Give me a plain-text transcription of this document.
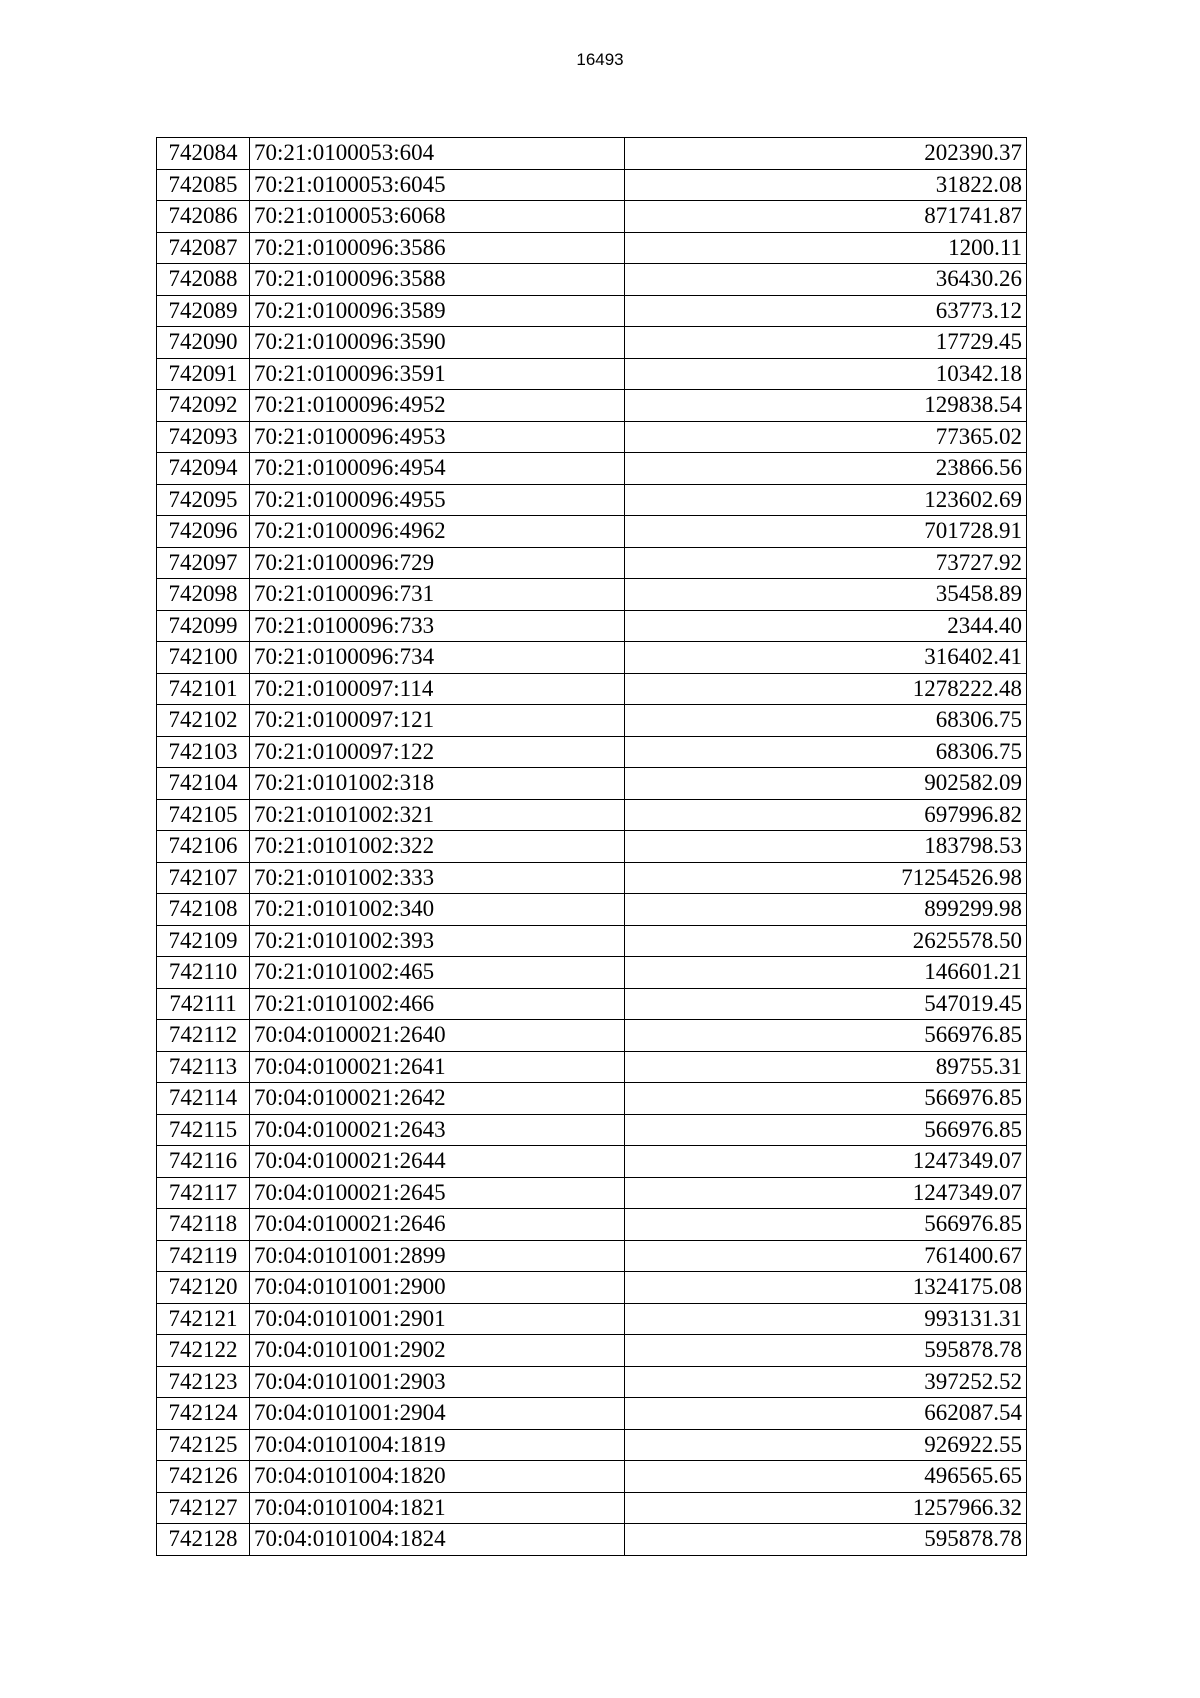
16493
742084	70:21:0100053:604	202390.37
742085	70:21:0100053:6045	31822.08
742086	70:21:0100053:6068	871741.87
742087	70:21:0100096:3586	1200.11
742088	70:21:0100096:3588	36430.26
742089	70:21:0100096:3589	63773.12
742090	70:21:0100096:3590	17729.45
742091	70:21:0100096:3591	10342.18
742092	70:21:0100096:4952	129838.54
742093	70:21:0100096:4953	77365.02
742094	70:21:0100096:4954	23866.56
742095	70:21:0100096:4955	123602.69
742096	70:21:0100096:4962	701728.91
742097	70:21:0100096:729	73727.92
742098	70:21:0100096:731	35458.89
742099	70:21:0100096:733	2344.40
742100	70:21:0100096:734	316402.41
742101	70:21:0100097:114	1278222.48
742102	70:21:0100097:121	68306.75
742103	70:21:0100097:122	68306.75
742104	70:21:0101002:318	902582.09
742105	70:21:0101002:321	697996.82
742106	70:21:0101002:322	183798.53
742107	70:21:0101002:333	71254526.98
742108	70:21:0101002:340	899299.98
742109	70:21:0101002:393	2625578.50
742110	70:21:0101002:465	146601.21
742111	70:21:0101002:466	547019.45
742112	70:04:0100021:2640	566976.85
742113	70:04:0100021:2641	89755.31
742114	70:04:0100021:2642	566976.85
742115	70:04:0100021:2643	566976.85
742116	70:04:0100021:2644	1247349.07
742117	70:04:0100021:2645	1247349.07
742118	70:04:0100021:2646	566976.85
742119	70:04:0101001:2899	761400.67
742120	70:04:0101001:2900	1324175.08
742121	70:04:0101001:2901	993131.31
742122	70:04:0101001:2902	595878.78
742123	70:04:0101001:2903	397252.52
742124	70:04:0101001:2904	662087.54
742125	70:04:0101004:1819	926922.55
742126	70:04:0101004:1820	496565.65
742127	70:04:0101004:1821	1257966.32
742128	70:04:0101004:1824	595878.78
